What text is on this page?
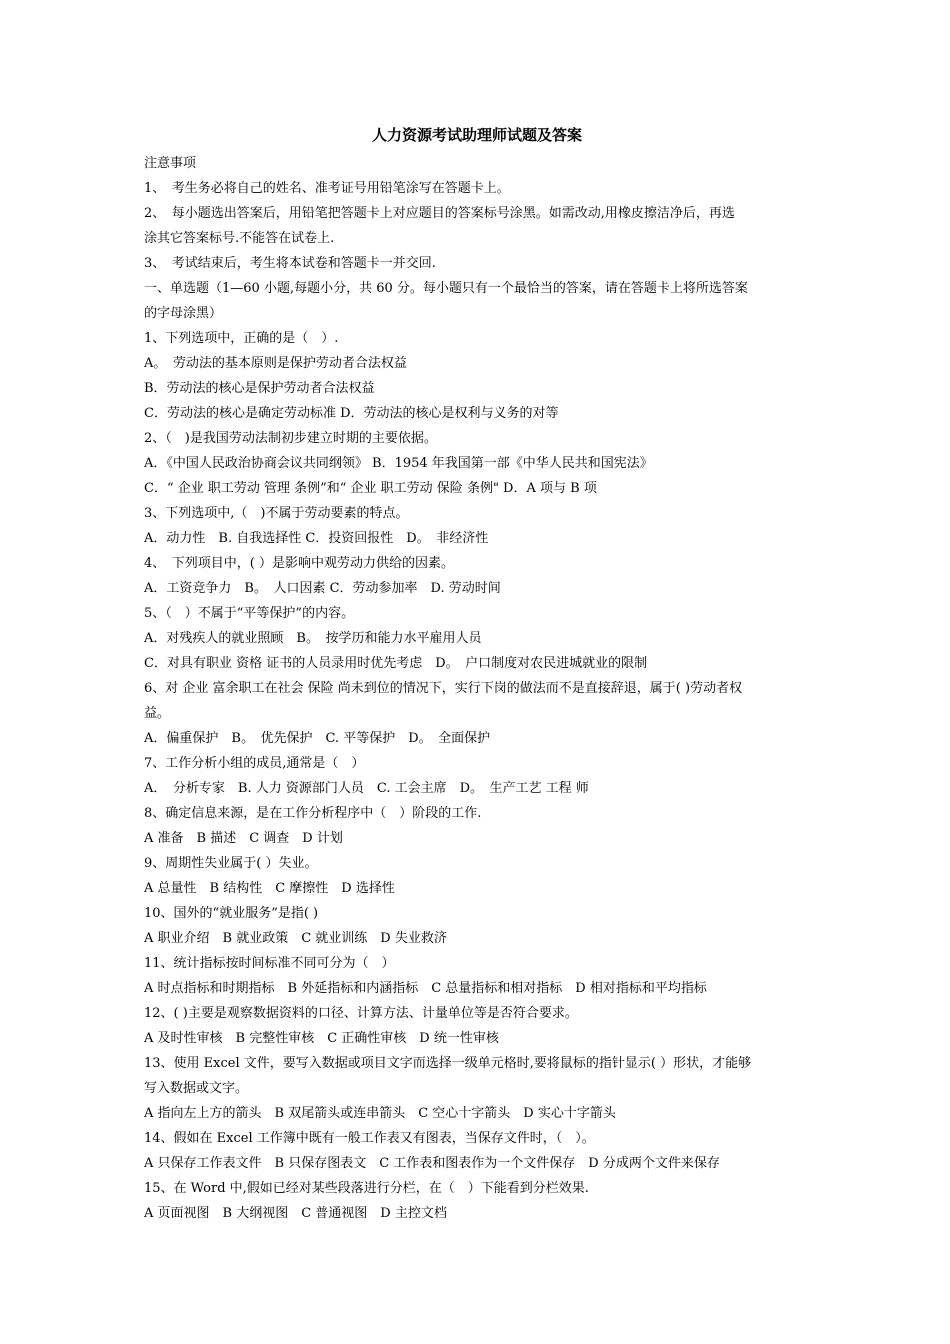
人力资源考试助理师试题及答案
注意事项
1、　考生务必将自己的姓名、准考证号用铅笔涂写在答题卡上。
2、　每小题选出答案后，用铅笔把答题卡上对应题目的答案标号涂黑。如需改动,用橡皮擦洁净后，再选
涂其它答案标号.不能答在试卷上.
3、　考试结束后，考生将本试卷和答题卡一并交回.
一、单选题（1—60 小题,每题小分，共 60 分。每小题只有一个最恰当的答案，请在答题卡上将所选答案
的字母涂黑）
1、下列选项中，正确的是（　）.
A。　劳动法的基本原则是保护劳动者合法权益
B．劳动法的核心是保护劳动者合法权益
C．劳动法的核心是确定劳动标准 D．劳动法的核心是权利与义务的对等
2、（　)是我国劳动法制初步建立时期的主要依据。
A．《中国人民政治协商会议共同纲领》 B．1954 年我国第一部《中华人民共和国宪法》
C．“ 企业 职工劳动 管理 条例”和“ 企业 职工劳动 保险 条例" D．A 项与 B 项
3、下列选项中,（　)不属于劳动要素的特点。
A．动力性　B. 自我选择性 C．投资回报性　D。　非经济性
4、　下列项目中，( ）是影响中观劳动力供给的因素。
A．工资竞争力　B。　人口因素 C．劳动参加率　D. 劳动时间
5、（　）不属于“平等保护”的内容。
A．对残疾人的就业照顾　B。　按学历和能力水平雇用人员
C．对具有职业 资格 证书的人员录用时优先考虑　D。　户口制度对农民进城就业的限制
6、对 企业 富余职工在社会 保险 尚未到位的情况下，实行下岗的做法而不是直接辞退，属于( )劳动者权
益。
A．偏重保护　B。　优先保护　C. 平等保护　D。　全面保护
7、工作分析小组的成员,通常是（　）
A．　分析专家　B. 人力 资源部门人员　C. 工会主席　D。　生产工艺 工程 师
8、确定信息来源，是在工作分析程序中（　）阶段的工作.
A 准备　B 描述　C 调查　D 计划
9、周期性失业属于( ）失业。
A 总量性　B 结构性　C 摩擦性　D 选择性
10、国外的“就业服务”是指( )
A 职业介绍　B 就业政策　C 就业训练　D 失业救济
11、统计指标按时间标准不同可分为（　）
A 时点指标和时期指标　B 外延指标和内涵指标　C 总量指标和相对指标　D 相对指标和平均指标
12、( )主要是观察数据资料的口径、计算方法、计量单位等是否符合要求。
A 及时性审核　B 完整性审核　C 正确性审核　D 统一性审核
13、使用 Excel 文件，要写入数据或项目文字而选择一级单元格时,要将鼠标的指针显示( ）形状，才能够
写入数据或文字。
A 指向左上方的箭头　B 双尾箭头或连串箭头　C 空心十字箭头　D 实心十字箭头
14、假如在 Excel 工作簿中既有一般工作表又有图表，当保存文件时，（　）。
A 只保存工作表文件　B 只保存图表文　C 工作表和图表作为一个文件保存　D 分成两个文件来保存
15、在 Word 中,假如已经对某些段落进行分栏，在（　）下能看到分栏效果.
A 页面视图　B 大纲视图　C 普通视图　D 主控文档
